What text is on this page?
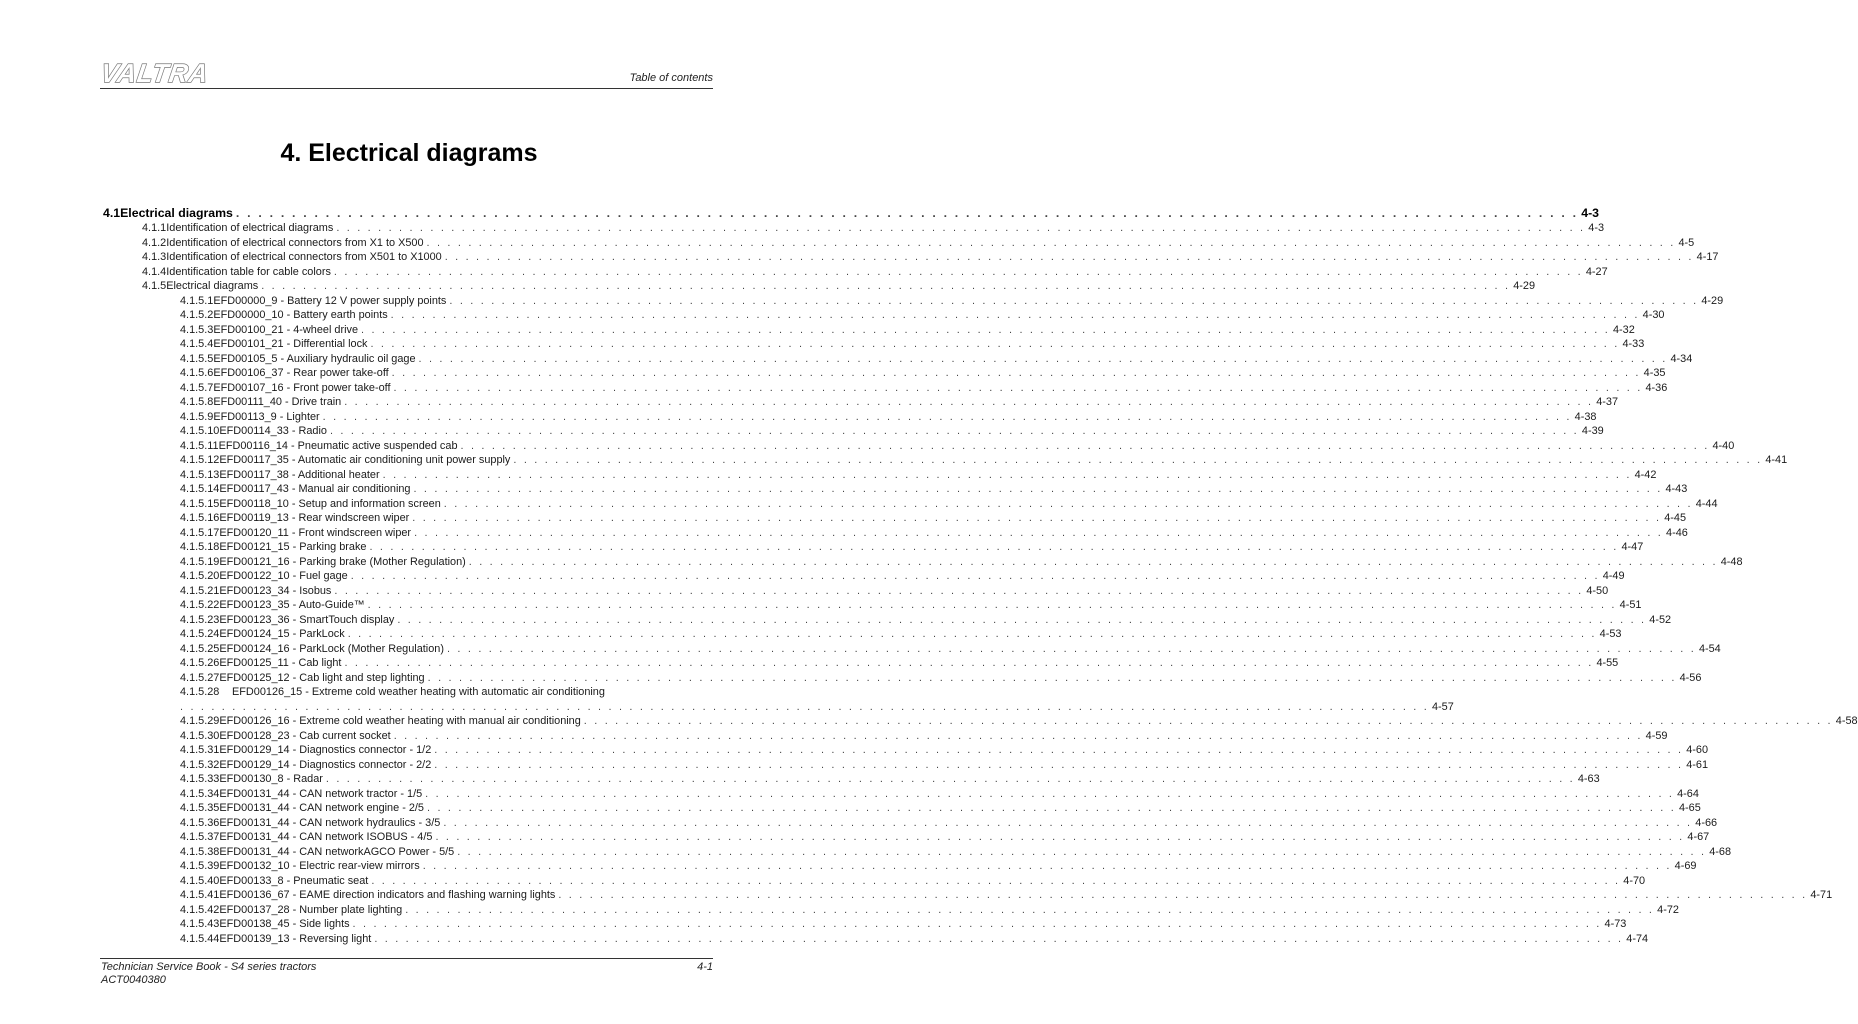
VALTRA	Table of contents
4. Electrical diagrams
4.1 Electrical diagrams . . . . . . . . . . . . . . . . . . . . . . . . . . . . . . . . . . . . . . . . . . . . . . . . . . . . . . . . . . . . . . . . . . . . . . . . . . . . . . . . . . . . . . . . . . . . . . . . . . . . . . . . . . . . . . . . . . . . . . . . 4-3
4.1.1 Identification of electrical diagrams . . . . . . . . . . . . . . . . . . . . . . . . . . . . . . . . . . . . . . . . . . . . . . . . . . . . . . . . . . . . . . . . . . . . . . . . . . . . . . . . . . . . . . . . . . . . . . . . . . . . . . . . . . . . . . . . . . . . . . . . 4-3
4.1.2 Identification of electrical connectors from X1 to X500 . . . . . . . . . . . . . . . . . . . . . . . . . . . . . . . . . . . . . . . . . . . . . . . . . . . . . . . . . . . . . . . . . . . . . . . . . . . . . . . . . . . . . . . . . . . . . . . . . . . . . . . . . . . . . . . . . . . . . . . . 4-5
4.1.3 Identification of electrical connectors from X501 to X1000 . . . . . . . . . . . . . . . . . . . . . . . . . . . . . . . . . . . . . . . . . . . . . . . . . . . . . . . . . . . . . . . . . . . . . . . . . . . . . . . . . . . . . . . . . . . . . . . . . . . . . . . . . . . . . . . . . . . . . . . . 4-17
4.1.4 Identification table for cable colors . . . . . . . . . . . . . . . . . . . . . . . . . . . . . . . . . . . . . . . . . . . . . . . . . . . . . . . . . . . . . . . . . . . . . . . . . . . . . . . . . . . . . . . . . . . . . . . . . . . . . . . . . . . . . . . . . . . . . . . . 4-27
4.1.5 Electrical diagrams . . . . . . . . . . . . . . . . . . . . . . . . . . . . . . . . . . . . . . . . . . . . . . . . . . . . . . . . . . . . . . . . . . . . . . . . . . . . . . . . . . . . . . . . . . . . . . . . . . . . . . . . . . . . . . . . . . . . . . . . 4-29
4.1.5.1 EFD00000_9 - Battery 12 V power supply points . . . . . . . . . . . . . . . . . . . . . . . . . . . . . . . . . . . . . . . . . . . . . . . . . . . . . . . . . . . . . . . . . . . . . . . . . . . . . . . . . . . . . . . . . . . . . . . . . . . . . . . . . . . . . . . . . . . . . . . . 4-29
4.1.5.2 EFD00000_10 - Battery earth points . . . . . . . . . . . . . . . . . . . . . . . . . . . . . . . . . . . . . . . . . . . . . . . . . . . . . . . . . . . . . . . . . . . . . . . . . . . . . . . . . . . . . . . . . . . . . . . . . . . . . . . . . . . . . . . . . . . . . . . . 4-30
4.1.5.3 EFD00100_21 - 4-wheel drive . . . . . . . . . . . . . . . . . . . . . . . . . . . . . . . . . . . . . . . . . . . . . . . . . . . . . . . . . . . . . . . . . . . . . . . . . . . . . . . . . . . . . . . . . . . . . . . . . . . . . . . . . . . . . . . . . . . . . . . . 4-32
4.1.5.4 EFD00101_21 - Differential lock . . . . . . . . . . . . . . . . . . . . . . . . . . . . . . . . . . . . . . . . . . . . . . . . . . . . . . . . . . . . . . . . . . . . . . . . . . . . . . . . . . . . . . . . . . . . . . . . . . . . . . . . . . . . . . . . . . . . . . . . 4-33
4.1.5.5 EFD00105_5 - Auxiliary hydraulic oil gage . . . . . . . . . . . . . . . . . . . . . . . . . . . . . . . . . . . . . . . . . . . . . . . . . . . . . . . . . . . . . . . . . . . . . . . . . . . . . . . . . . . . . . . . . . . . . . . . . . . . . . . . . . . . . . . . . . . . . . . . 4-34
4.1.5.6 EFD00106_37 - Rear power take-off . . . . . . . . . . . . . . . . . . . . . . . . . . . . . . . . . . . . . . . . . . . . . . . . . . . . . . . . . . . . . . . . . . . . . . . . . . . . . . . . . . . . . . . . . . . . . . . . . . . . . . . . . . . . . . . . . . . . . . . . 4-35
4.1.5.7 EFD00107_16 - Front power take-off . . . . . . . . . . . . . . . . . . . . . . . . . . . . . . . . . . . . . . . . . . . . . . . . . . . . . . . . . . . . . . . . . . . . . . . . . . . . . . . . . . . . . . . . . . . . . . . . . . . . . . . . . . . . . . . . . . . . . . . . 4-36
4.1.5.8 EFD00111_40 - Drive train . . . . . . . . . . . . . . . . . . . . . . . . . . . . . . . . . . . . . . . . . . . . . . . . . . . . . . . . . . . . . . . . . . . . . . . . . . . . . . . . . . . . . . . . . . . . . . . . . . . . . . . . . . . . . . . . . . . . . . . . 4-37
4.1.5.9 EFD00113_9 - Lighter . . . . . . . . . . . . . . . . . . . . . . . . . . . . . . . . . . . . . . . . . . . . . . . . . . . . . . . . . . . . . . . . . . . . . . . . . . . . . . . . . . . . . . . . . . . . . . . . . . . . . . . . . . . . . . . . . . . . . . . . 4-38
4.1.5.10 EFD00114_33 - Radio . . . . . . . . . . . . . . . . . . . . . . . . . . . . . . . . . . . . . . . . . . . . . . . . . . . . . . . . . . . . . . . . . . . . . . . . . . . . . . . . . . . . . . . . . . . . . . . . . . . . . . . . . . . . . . . . . . . . . . . . 4-39
4.1.5.11 EFD00116_14 - Pneumatic active suspended cab . . . . . . . . . . . . . . . . . . . . . . . . . . . . . . . . . . . . . . . . . . . . . . . . . . . . . . . . . . . . . . . . . . . . . . . . . . . . . . . . . . . . . . . . . . . . . . . . . . . . . . . . . . . . . . . . . . . . . . . . 4-40
4.1.5.12 EFD00117_35 - Automatic air conditioning unit power supply . . . . . . . . . . . . . . . . . . . . . . . . . . . . . . . . . . . . . . . . . . . . . . . . . . . . . . . . . . . . . . . . . . . . . . . . . . . . . . . . . . . . . . . . . . . . . . . . . . . . . . . . . . . . . . . . . . . . . . . . 4-41
4.1.5.13 EFD00117_38 - Additional heater . . . . . . . . . . . . . . . . . . . . . . . . . . . . . . . . . . . . . . . . . . . . . . . . . . . . . . . . . . . . . . . . . . . . . . . . . . . . . . . . . . . . . . . . . . . . . . . . . . . . . . . . . . . . . . . . . . . . . . . . 4-42
4.1.5.14 EFD00117_43 - Manual air conditioning . . . . . . . . . . . . . . . . . . . . . . . . . . . . . . . . . . . . . . . . . . . . . . . . . . . . . . . . . . . . . . . . . . . . . . . . . . . . . . . . . . . . . . . . . . . . . . . . . . . . . . . . . . . . . . . . . . . . . . . . 4-43
4.1.5.15 EFD00118_10 - Setup and information screen . . . . . . . . . . . . . . . . . . . . . . . . . . . . . . . . . . . . . . . . . . . . . . . . . . . . . . . . . . . . . . . . . . . . . . . . . . . . . . . . . . . . . . . . . . . . . . . . . . . . . . . . . . . . . . . . . . . . . . . . 4-44
4.1.5.16 EFD00119_13 - Rear windscreen wiper . . . . . . . . . . . . . . . . . . . . . . . . . . . . . . . . . . . . . . . . . . . . . . . . . . . . . . . . . . . . . . . . . . . . . . . . . . . . . . . . . . . . . . . . . . . . . . . . . . . . . . . . . . . . . . . . . . . . . . . . 4-45
4.1.5.17 EFD00120_11 - Front windscreen wiper . . . . . . . . . . . . . . . . . . . . . . . . . . . . . . . . . . . . . . . . . . . . . . . . . . . . . . . . . . . . . . . . . . . . . . . . . . . . . . . . . . . . . . . . . . . . . . . . . . . . . . . . . . . . . . . . . . . . . . . . 4-46
4.1.5.18 EFD00121_15 - Parking brake . . . . . . . . . . . . . . . . . . . . . . . . . . . . . . . . . . . . . . . . . . . . . . . . . . . . . . . . . . . . . . . . . . . . . . . . . . . . . . . . . . . . . . . . . . . . . . . . . . . . . . . . . . . . . . . . . . . . . . . . 4-47
4.1.5.19 EFD00121_16 - Parking brake (Mother Regulation) . . . . . . . . . . . . . . . . . . . . . . . . . . . . . . . . . . . . . . . . . . . . . . . . . . . . . . . . . . . . . . . . . . . . . . . . . . . . . . . . . . . . . . . . . . . . . . . . . . . . . . . . . . . . . . . . . . . . . . . . 4-48
4.1.5.20 EFD00122_10 - Fuel gage . . . . . . . . . . . . . . . . . . . . . . . . . . . . . . . . . . . . . . . . . . . . . . . . . . . . . . . . . . . . . . . . . . . . . . . . . . . . . . . . . . . . . . . . . . . . . . . . . . . . . . . . . . . . . . . . . . . . . . . . 4-49
4.1.5.21 EFD00123_34 - Isobus . . . . . . . . . . . . . . . . . . . . . . . . . . . . . . . . . . . . . . . . . . . . . . . . . . . . . . . . . . . . . . . . . . . . . . . . . . . . . . . . . . . . . . . . . . . . . . . . . . . . . . . . . . . . . . . . . . . . . . . . 4-50
4.1.5.22 EFD00123_35 - Auto-Guide™ . . . . . . . . . . . . . . . . . . . . . . . . . . . . . . . . . . . . . . . . . . . . . . . . . . . . . . . . . . . . . . . . . . . . . . . . . . . . . . . . . . . . . . . . . . . . . . . . . . . . . . . . . . . . . . . . . . . . . . . . 4-51
4.1.5.23 EFD00123_36 - SmartTouch display . . . . . . . . . . . . . . . . . . . . . . . . . . . . . . . . . . . . . . . . . . . . . . . . . . . . . . . . . . . . . . . . . . . . . . . . . . . . . . . . . . . . . . . . . . . . . . . . . . . . . . . . . . . . . . . . . . . . . . . . 4-52
4.1.5.24 EFD00124_15 - ParkLock . . . . . . . . . . . . . . . . . . . . . . . . . . . . . . . . . . . . . . . . . . . . . . . . . . . . . . . . . . . . . . . . . . . . . . . . . . . . . . . . . . . . . . . . . . . . . . . . . . . . . . . . . . . . . . . . . . . . . . . . 4-53
4.1.5.25 EFD00124_16 - ParkLock (Mother Regulation) . . . . . . . . . . . . . . . . . . . . . . . . . . . . . . . . . . . . . . . . . . . . . . . . . . . . . . . . . . . . . . . . . . . . . . . . . . . . . . . . . . . . . . . . . . . . . . . . . . . . . . . . . . . . . . . . . . . . . . . . 4-54
4.1.5.26 EFD00125_11 - Cab light . . . . . . . . . . . . . . . . . . . . . . . . . . . . . . . . . . . . . . . . . . . . . . . . . . . . . . . . . . . . . . . . . . . . . . . . . . . . . . . . . . . . . . . . . . . . . . . . . . . . . . . . . . . . . . . . . . . . . . . . 4-55
4.1.5.27 EFD00125_12 - Cab light and step lighting . . . . . . . . . . . . . . . . . . . . . . . . . . . . . . . . . . . . . . . . . . . . . . . . . . . . . . . . . . . . . . . . . . . . . . . . . . . . . . . . . . . . . . . . . . . . . . . . . . . . . . . . . . . . . . . . . . . . . . . . 4-56
4.1.5.28	EFD00126_15 - Extreme cold weather heating with automatic air conditioning
. . . . . . . . . . . . . . . . . . . . . . . . . . . . . . . . . . . . . . . . . . . . . . . . . . . . . . . . . . . . . . . . . . . . . . . . . . . . . . . . . . . . . . . . . . . . . . . . . . . . . . . . . . . . . . . . . . . . . . . . 4-57
4.1.5.29 EFD00126_16 - Extreme cold weather heating with manual air conditioning . . . . . . . . . . . . . . . . . . . . . . . . . . . . . . . . . . . . . . . . . . . . . . . . . . . . . . . . . . . . . . . . . . . . . . . . . . . . . . . . . . . . . . . . . . . . . . . . . . . . . . . . . . . . . . . . . . . . . . . . 4-58
4.1.5.30 EFD00128_23 - Cab current socket . . . . . . . . . . . . . . . . . . . . . . . . . . . . . . . . . . . . . . . . . . . . . . . . . . . . . . . . . . . . . . . . . . . . . . . . . . . . . . . . . . . . . . . . . . . . . . . . . . . . . . . . . . . . . . . . . . . . . . . . 4-59
4.1.5.31 EFD00129_14 - Diagnostics connector - 1/2 . . . . . . . . . . . . . . . . . . . . . . . . . . . . . . . . . . . . . . . . . . . . . . . . . . . . . . . . . . . . . . . . . . . . . . . . . . . . . . . . . . . . . . . . . . . . . . . . . . . . . . . . . . . . . . . . . . . . . . . . 4-60
4.1.5.32 EFD00129_14 - Diagnostics connector - 2/2 . . . . . . . . . . . . . . . . . . . . . . . . . . . . . . . . . . . . . . . . . . . . . . . . . . . . . . . . . . . . . . . . . . . . . . . . . . . . . . . . . . . . . . . . . . . . . . . . . . . . . . . . . . . . . . . . . . . . . . . . 4-61
4.1.5.33 EFD00130_8 - Radar . . . . . . . . . . . . . . . . . . . . . . . . . . . . . . . . . . . . . . . . . . . . . . . . . . . . . . . . . . . . . . . . . . . . . . . . . . . . . . . . . . . . . . . . . . . . . . . . . . . . . . . . . . . . . . . . . . . . . . . . 4-63
4.1.5.34 EFD00131_44 - CAN network tractor - 1/5 . . . . . . . . . . . . . . . . . . . . . . . . . . . . . . . . . . . . . . . . . . . . . . . . . . . . . . . . . . . . . . . . . . . . . . . . . . . . . . . . . . . . . . . . . . . . . . . . . . . . . . . . . . . . . . . . . . . . . . . . 4-64
4.1.5.35 EFD00131_44 - CAN network engine - 2/5 . . . . . . . . . . . . . . . . . . . . . . . . . . . . . . . . . . . . . . . . . . . . . . . . . . . . . . . . . . . . . . . . . . . . . . . . . . . . . . . . . . . . . . . . . . . . . . . . . . . . . . . . . . . . . . . . . . . . . . . . 4-65
4.1.5.36 EFD00131_44 - CAN network hydraulics - 3/5 . . . . . . . . . . . . . . . . . . . . . . . . . . . . . . . . . . . . . . . . . . . . . . . . . . . . . . . . . . . . . . . . . . . . . . . . . . . . . . . . . . . . . . . . . . . . . . . . . . . . . . . . . . . . . . . . . . . . . . . . 4-66
4.1.5.37 EFD00131_44 - CAN network ISOBUS - 4/5 . . . . . . . . . . . . . . . . . . . . . . . . . . . . . . . . . . . . . . . . . . . . . . . . . . . . . . . . . . . . . . . . . . . . . . . . . . . . . . . . . . . . . . . . . . . . . . . . . . . . . . . . . . . . . . . . . . . . . . . . 4-67
4.1.5.38 EFD00131_44 - CAN networkAGCO Power - 5/5 . . . . . . . . . . . . . . . . . . . . . . . . . . . . . . . . . . . . . . . . . . . . . . . . . . . . . . . . . . . . . . . . . . . . . . . . . . . . . . . . . . . . . . . . . . . . . . . . . . . . . . . . . . . . . . . . . . . . . . . . 4-68
4.1.5.39 EFD00132_10 - Electric rear-view mirrors . . . . . . . . . . . . . . . . . . . . . . . . . . . . . . . . . . . . . . . . . . . . . . . . . . . . . . . . . . . . . . . . . . . . . . . . . . . . . . . . . . . . . . . . . . . . . . . . . . . . . . . . . . . . . . . . . . . . . . . . 4-69
4.1.5.40 EFD00133_8 - Pneumatic seat . . . . . . . . . . . . . . . . . . . . . . . . . . . . . . . . . . . . . . . . . . . . . . . . . . . . . . . . . . . . . . . . . . . . . . . . . . . . . . . . . . . . . . . . . . . . . . . . . . . . . . . . . . . . . . . . . . . . . . . . 4-70
4.1.5.41 EFD00136_67 - EAME direction indicators and flashing warning lights . . . . . . . . . . . . . . . . . . . . . . . . . . . . . . . . . . . . . . . . . . . . . . . . . . . . . . . . . . . . . . . . . . . . . . . . . . . . . . . . . . . . . . . . . . . . . . . . . . . . . . . . . . . . . . . . . . . . . . . . 4-71
4.1.5.42 EFD00137_28 - Number plate lighting . . . . . . . . . . . . . . . . . . . . . . . . . . . . . . . . . . . . . . . . . . . . . . . . . . . . . . . . . . . . . . . . . . . . . . . . . . . . . . . . . . . . . . . . . . . . . . . . . . . . . . . . . . . . . . . . . . . . . . . . 4-72
4.1.5.43 EFD00138_45 - Side lights . . . . . . . . . . . . . . . . . . . . . . . . . . . . . . . . . . . . . . . . . . . . . . . . . . . . . . . . . . . . . . . . . . . . . . . . . . . . . . . . . . . . . . . . . . . . . . . . . . . . . . . . . . . . . . . . . . . . . . . . 4-73
4.1.5.44 EFD00139_13 - Reversing light . . . . . . . . . . . . . . . . . . . . . . . . . . . . . . . . . . . . . . . . . . . . . . . . . . . . . . . . . . . . . . . . . . . . . . . . . . . . . . . . . . . . . . . . . . . . . . . . . . . . . . . . . . . . . . . . . . . . . . . . 4-74
Technician Service Book - S4 series tractors
ACT0040380
4-1
